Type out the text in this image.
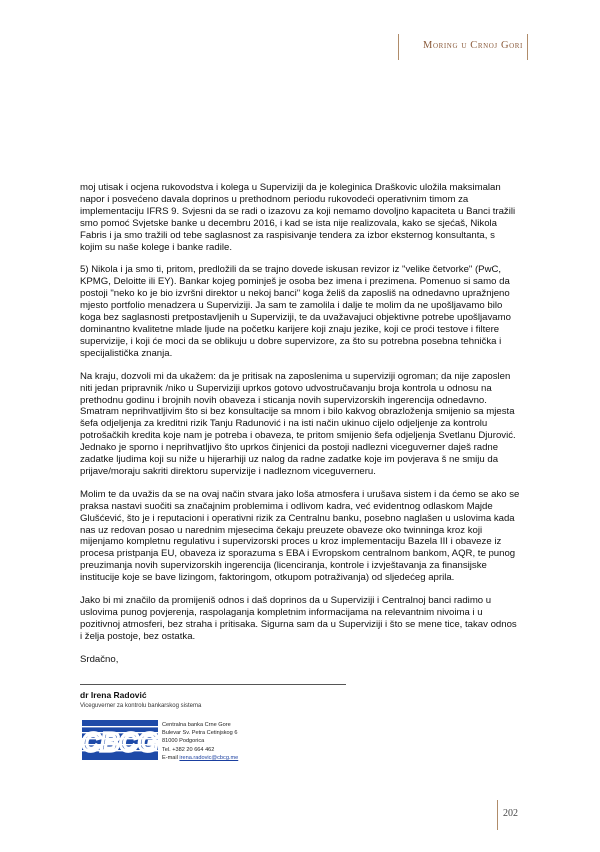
Moring u Crnoj Gori

moj utisak i ocjena rukovodstva i kolega u Superviziji da je koleginica Draškovic uložila maksimalan
napor i posvećeno davala doprinos u prethodnom periodu rukovodeći operativnim timom za
implementaciju IFRS 9. Svjesni da se radi o izazovu za koji nemamo dovoljno kapaciteta u Banci tražili
smo pomoć Svjetske banke u decembru 2016, i kad se ista nije realizovala, kako se sjećaš, Nikola
Fabris i ja smo tražili od tebe saglasnost za raspisivanje tendera za izbor eksternog konsultanta, s
kojim su naše kolege i banke radile.

5) Nikola i ja smo ti, pritom, predložili da se trajno dovede iskusan revizor iz "velike četvorke" (PwC,
KPMG, Deloitte ili EY). Bankar kojeg pominješ je osoba bez imena i prezimena. Pomenuo si samo da
postoji "neko ko je bio izvršni direktor u nekoj banci" koga želiš da zaposliš na odnedavno upražnjeno
mjesto portfolio menadzera u Superviziji. Ja sam te zamolila i dalje te molim da ne upošljavamo bilo
koga bez saglasnosti pretpostavljenih u Superviziji, te da uvažavajuci objektivne potrebe upošljavamo
dominantno kvalitetne mlade ljude na početku karijere koji znaju jezike, koji ce proći testove i filtere
supervizije, i koji će moci da se oblikuju u dobre supervizore, za što su potrebna posebna tehnička i
specijalistička znanja.

Na kraju, dozvoli mi da ukažem: da je pritisak na zaposlenima u superviziji ogroman; da nije zaposlen
niti jedan pripravnik /niko u Superviziji uprkos gotovo udvostručavanju broja kontrola u odnosu na
prethodnu godinu i brojnih novih obaveza i sticanja novih supervizorskih ingerencija odnedavno.
Smatram neprihvatljivim što si bez konsultacije sa mnom i bilo kakvog obrazloženja smijenio sa mjesta
šefa odjeljenja za kreditni rizik Tanju Radunović i na isti način ukinuo cijelo odjeljenje za kontrolu
potrošačkih kredita koje nam je potreba i obaveza, te pritom smijenio šefa odjeljenja Svetlanu Djurović.
Jednako je sporno i neprihvatljivo što uprkos činjenici da postoji nadlezni viceguverner daješ radne
zadatke ljudima koji su niže u hijerarhiji uz nalog da radne zadatke koje im povjerava š ne smiju da
prijave/moraju sakriti direktoru supervizije i nadleznom viceguverneru.

Molim te da uvažis da se na ovaj način stvara jako loša atmosfera i urušava sistem i da ćemo se ako se
praksa nastavi suočiti sa značajnim problemima i odlivom kadra, već evidentnog odlaskom Majde
Glušćević, što je i reputacioni i operativni rizik za Centralnu banku, posebno naglašen u uslovima kada
nas uz redovan posao u narednim mjesecima čekaju preuzete obaveze oko twinninga kroz koji
mijenjamo kompletnu regulativu i supervizorski proces u kroz implementaciju Bazela III i obaveze iz
procesa pristpanja EU, obaveza iz sporazuma s EBA i Evropskom centralnom bankom, AQR, te punog
preuzimanja novih supervizorskih ingerencija (licenciranja, kontrole i izvještavanja za finansijske
institucije koje se bave lizingom, faktoringom, otkupom potraživanja) od sljedećeg aprila.

Jako bi mi značilo da promijeniš odnos i daš doprinos da u Superviziji i Centralnoj banci radimo u
uslovima punog povjerenja, raspolaganja kompletnim informacijama na relevantnim nivoima i u
pozitivnoj atmosferi, bez straha i pritisaka. Sigurna sam da u Superviziji i što se mene tice, takav odnos
i želja postoje, bez ostatka.

Srdačno,

dr Irena Radović
Viceguverner za kontrolu bankarskog sistema
CBCG
Centralna banka Crne Gore
Bulevar Sv. Petra Cetinjskog 6
81000 Podgorica
Tel. +382 20 664 462
E-mail irena.radovic@cbcg.me
202
